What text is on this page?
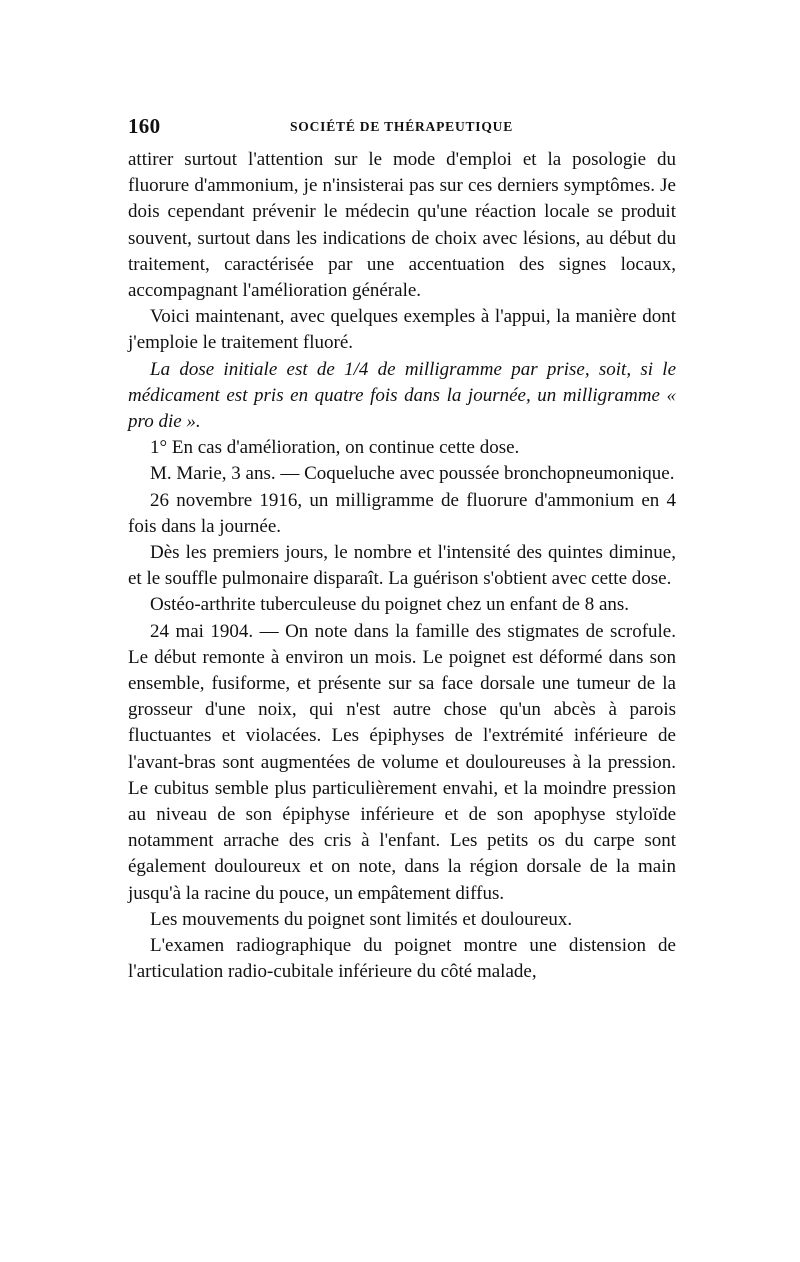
160	SOCIÉTÉ DE THÉRAPEUTIQUE

attirer surtout l'attention sur le mode d'emploi et la posologie du fluorure d'ammonium, je n'insisterai pas sur ces derniers symptômes. Je dois cependant prévenir le médecin qu'une réaction locale se produit souvent, surtout dans les indications de choix avec lésions, au début du traitement, caractérisée par une accentuation des signes locaux, accompagnant l'amélioration générale.

Voici maintenant, avec quelques exemples à l'appui, la manière dont j'emploie le traitement fluoré.

La dose initiale est de 1/4 de milligramme par prise, soit, si le médicament est pris en quatre fois dans la journée, un milligramme « pro die ».

1° En cas d'amélioration, on continue cette dose.

M. Marie, 3 ans. — Coqueluche avec poussée bronchopneumonique.

26 novembre 1916, un milligramme de fluorure d'ammonium en 4 fois dans la journée.

Dès les premiers jours, le nombre et l'intensité des quintes diminue, et le souffle pulmonaire disparaît. La guérison s'obtient avec cette dose.

Ostéo-arthrite tuberculeuse du poignet chez un enfant de 8 ans.

24 mai 1904. — On note dans la famille des stigmates de scrofule. Le début remonte à environ un mois. Le poignet est déformé dans son ensemble, fusiforme, et présente sur sa face dorsale une tumeur de la grosseur d'une noix, qui n'est autre chose qu'un abcès à parois fluctuantes et violacées. Les épiphyses de l'extrémité inférieure de l'avant-bras sont augmentées de volume et douloureuses à la pression. Le cubitus semble plus particulièrement envahi, et la moindre pression au niveau de son épiphyse inférieure et de son apophyse styloïde notamment arrache des cris à l'enfant. Les petits os du carpe sont également douloureux et on note, dans la région dorsale de la main jusqu'à la racine du pouce, un empâtement diffus.

Les mouvements du poignet sont limités et douloureux.

L'examen radiographique du poignet montre une distension de l'articulation radio-cubitale inférieure du côté malade,
